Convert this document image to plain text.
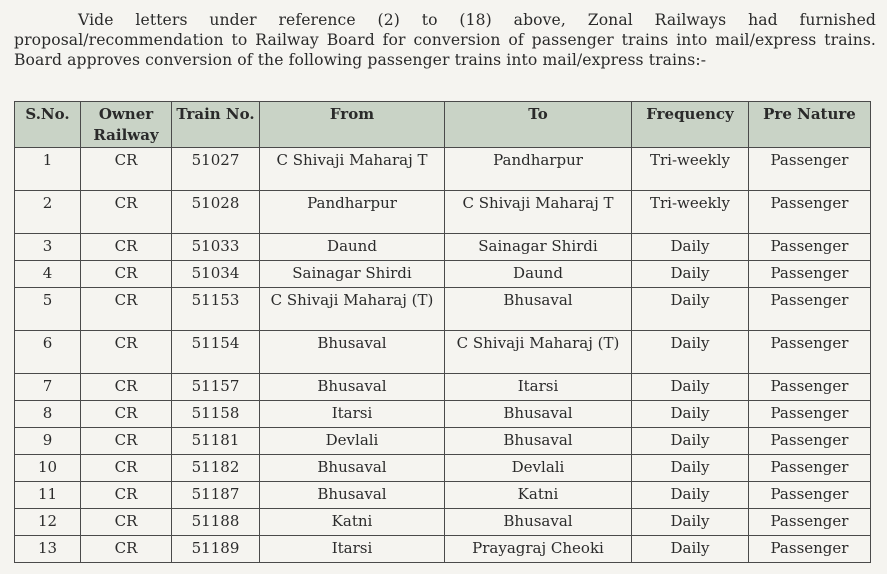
Vide letters under reference (2) to (18) above, Zonal Railways had furnished proposal/recommendation to Railway Board for conversion of passenger trains into mail/express trains. Board approves conversion of the following passenger trains into mail/express trains:-

S.No.	Owner Railway	Train No.	From	To	Frequency	Pre Nature
1	CR	51027	C Shivaji Maharaj T	Pandharpur	Tri-weekly	Passenger
2	CR	51028	Pandharpur	C Shivaji Maharaj T	Tri-weekly	Passenger
3	CR	51033	Daund	Sainagar Shirdi	Daily	Passenger
4	CR	51034	Sainagar Shirdi	Daund	Daily	Passenger
5	CR	51153	C Shivaji Maharaj (T)	Bhusaval	Daily	Passenger
6	CR	51154	Bhusaval	C Shivaji Maharaj (T)	Daily	Passenger
7	CR	51157	Bhusaval	Itarsi	Daily	Passenger
8	CR	51158	Itarsi	Bhusaval	Daily	Passenger
9	CR	51181	Devlali	Bhusaval	Daily	Passenger
10	CR	51182	Bhusaval	Devlali	Daily	Passenger
11	CR	51187	Bhusaval	Katni	Daily	Passenger
12	CR	51188	Katni	Bhusaval	Daily	Passenger
13	CR	51189	Itarsi	Prayagraj Cheoki	Daily	Passenger
